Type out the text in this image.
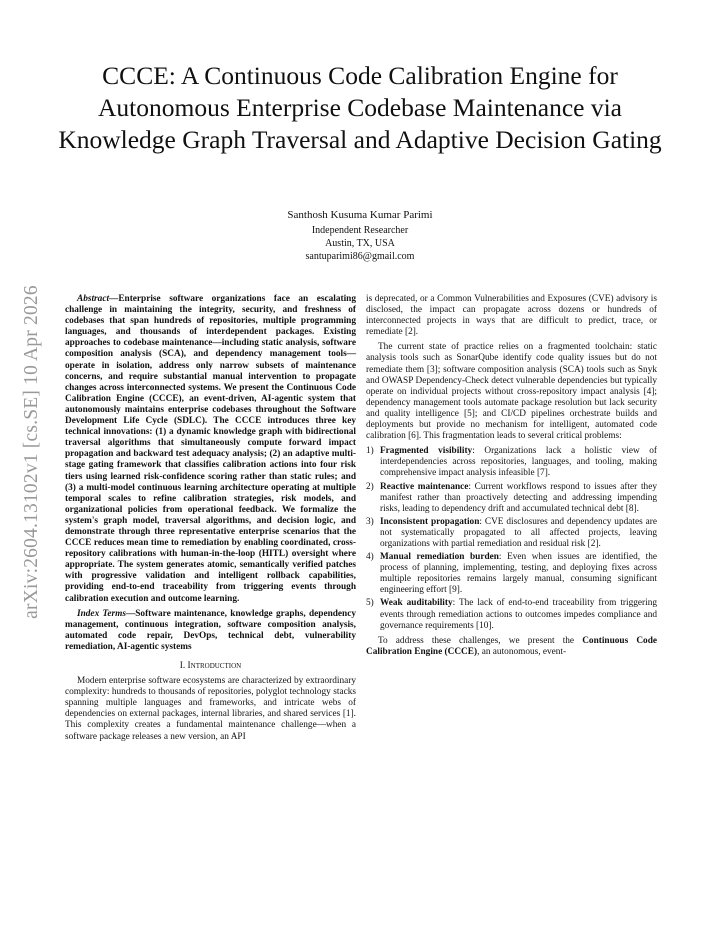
CCCE: A Continuous Code Calibration Engine for Autonomous Enterprise Codebase Maintenance via Knowledge Graph Traversal and Adaptive Decision Gating
Santhosh Kusuma Kumar Parimi
Independent Researcher
Austin, TX, USA
santuparimi86@gmail.com
arXiv:2604.13102v1 [cs.SE] 10 Apr 2026	Abstract—Enterprise software organizations face an escalating challenge in maintaining the integrity, security, and freshness of codebases that span hundreds of repositories, multiple programming languages, and thousands of interdependent packages. Existing approaches to codebase maintenance—including static analysis, software composition analysis (SCA), and dependency management tools—operate in isolation, address only narrow subsets of maintenance concerns, and require substantial manual intervention to propagate changes across interconnected systems. We present the Continuous Code Calibration Engine (CCCE), an event-driven, AI-agentic system that autonomously maintains enterprise codebases throughout the Software Development Life Cycle (SDLC). The CCCE introduces three key technical innovations: (1) a dynamic knowledge graph with bidirectional traversal algorithms that simultaneously compute forward impact propagation and backward test adequacy analysis; (2) an adaptive multi-stage gating framework that classifies calibration actions into four risk tiers using learned risk-confidence scoring rather than static rules; and (3) a multi-model continuous learning architecture operating at multiple temporal scales to refine calibration strategies, risk models, and organizational policies from operational feedback. We formalize the system's graph model, traversal algorithms, and decision logic, and demonstrate through three representative enterprise scenarios that the CCCE reduces mean time to remediation by enabling coordinated, cross-repository calibrations with human-in-the-loop (HITL) oversight where appropriate. The system generates atomic, semantically verified patches with progressive validation and intelligent rollback capabilities, providing end-to-end traceability from triggering events through calibration execution and outcome learning.

Index Terms—Software maintenance, knowledge graphs, dependency management, continuous integration, software composition analysis, automated code repair, DevOps, technical debt, vulnerability remediation, AI-agentic systems

I. Introduction

Modern enterprise software ecosystems are characterized by extraordinary complexity: hundreds to thousands of repositories, polyglot technology stacks spanning multiple languages and frameworks, and intricate webs of dependencies on external packages, internal libraries, and shared services [1]. This complexity creates a fundamental maintenance challenge—when a software package releases a new version, an API

is deprecated, or a Common Vulnerabilities and Exposures (CVE) advisory is disclosed, the impact can propagate across dozens or hundreds of interconnected projects in ways that are difficult to predict, trace, or remediate [2].

The current state of practice relies on a fragmented toolchain: static analysis tools such as SonarQube identify code quality issues but do not remediate them [3]; software composition analysis (SCA) tools such as Snyk and OWASP Dependency-Check detect vulnerable dependencies but typically operate on individual projects without cross-repository impact analysis [4]; dependency management tools automate package resolution but lack security and quality intelligence [5]; and CI/CD pipelines orchestrate builds and deployments but provide no mechanism for intelligent, automated code calibration [6]. This fragmentation leads to several critical problems:

1) Fragmented visibility: Organizations lack a holistic view of interdependencies across repositories, languages, and tooling, making comprehensive impact analysis infeasible [7].
2) Reactive maintenance: Current workflows respond to issues after they manifest rather than proactively detecting and addressing impending risks, leading to dependency drift and accumulated technical debt [8].
3) Inconsistent propagation: CVE disclosures and dependency updates are not systematically propagated to all affected projects, leaving organizations with partial remediation and residual risk [2].
4) Manual remediation burden: Even when issues are identified, the process of planning, implementing, testing, and deploying fixes across multiple repositories remains largely manual, consuming significant engineering effort [9].
5) Weak auditability: The lack of end-to-end traceability from triggering events through remediation actions to outcomes impedes compliance and governance requirements [10].

To address these challenges, we present the Continuous Code Calibration Engine (CCCE), an autonomous, event-
